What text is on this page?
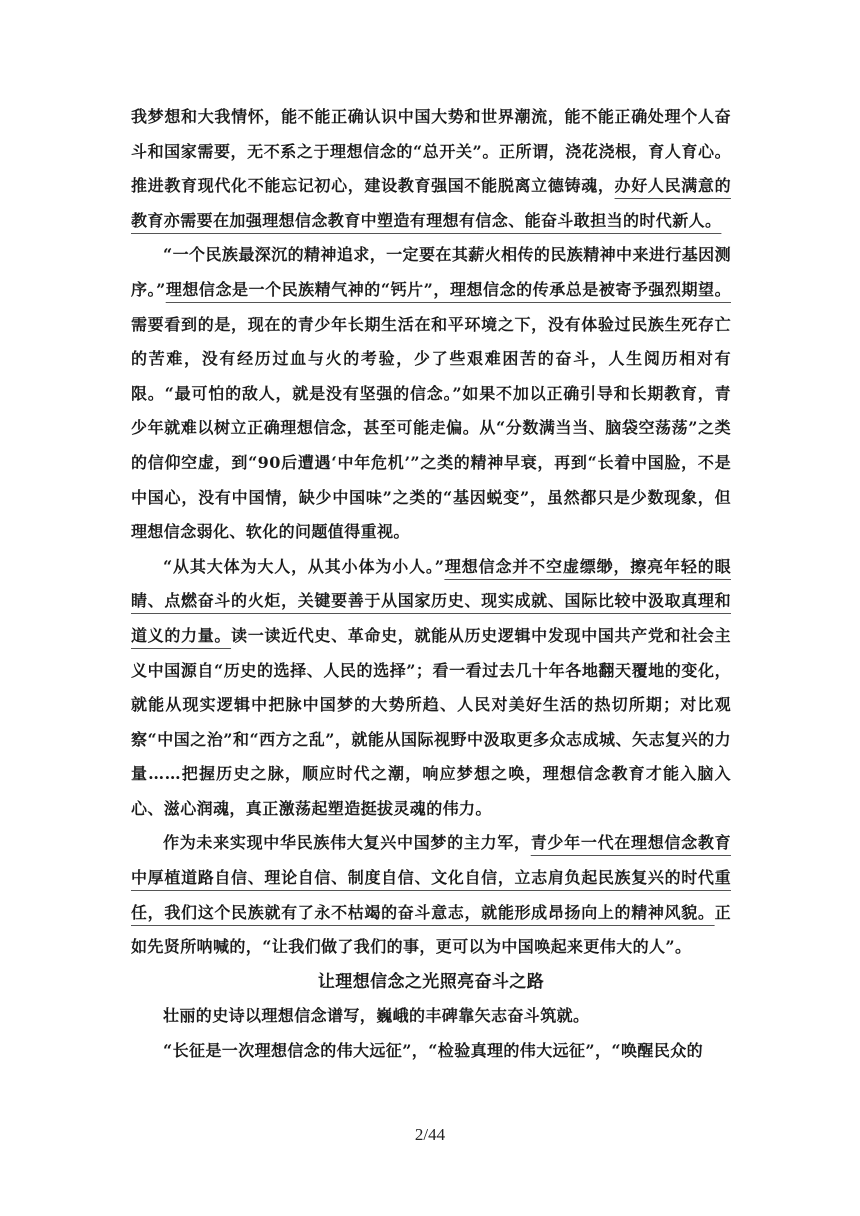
我梦想和大我情怀，能不能正确认识中国大势和世界潮流，能不能正确处理个人奋斗和国家需要，无不系之于理想信念的“总开关”。正所谓，浇花浇根，育人育心。推进教育现代化不能忘记初心，建设教育强国不能脱离立德铸魂，办好人民满意的教育亦需要在加强理想信念教育中塑造有理想有信念、能奋斗敢担当的时代新人。

“一个民族最深沉的精神追求，一定要在其薪火相传的民族精神中来进行基因测序。”理想信念是一个民族精气神的“钙片”，理想信念的传承总是被寄予强烈期望。需要看到的是，现在的青少年长期生活在和平环境之下，没有体验过民族生死存亡的苦难，没有经历过血与火的考验，少了些艰难困苦的奋斗，人生阅历相对有限。“最可怕的敌人，就是没有坚强的信念。”如果不加以正确引导和长期教育，青少年就难以树立正确理想信念，甚至可能走偏。从“分数满当当、脑袋空荡荡”之类的信仰空虚，到“90后遭遇‘中年危机’”之类的精神早衰，再到“长着中国脸，不是中国心，没有中国情，缺少中国味”之类的“基因蜕变”，虽然都只是少数现象，但理想信念弱化、软化的问题值得重视。

“从其大体为大人，从其小体为小人。”理想信念并不空虚缥缈，擦亮年轻的眼睛、点燃奋斗的火炬，关键要善于从国家历史、现实成就、国际比较中汲取真理和道义的力量。读一读近代史、革命史，就能从历史逻辑中发现中国共产党和社会主义中国源自“历史的选择、人民的选择”；看一看过去几十年各地翻天覆地的变化，就能从现实逻辑中把脉中国梦的大势所趋、人民对美好生活的热切所期；对比观察“中国之治”和“西方之乱”，就能从国际视野中汲取更多众志成城、矢志复兴的力量……把握历史之脉，顺应时代之潮，响应梦想之唤，理想信念教育才能入脑入心、滋心润魂，真正激荡起塑造挺拔灵魂的伟力。

作为未来实现中华民族伟大复兴中国梦的主力军，青少年一代在理想信念教育中厚植道路自信、理论自信、制度自信、文化自信，立志肩负起民族复兴的时代重任，我们这个民族就有了永不枯竭的奋斗意志，就能形成昂扬向上的精神风貌。正如先贤所呐喊的，“让我们做了我们的事，更可以为中国唤起来更伟大的人”。

让理想信念之光照亮奋斗之路

壮丽的史诗以理想信念谱写，巍峨的丰碑靠矢志奋斗筑就。

“长征是一次理想信念的伟大远征”，“检验真理的伟大远征”，“唤醒民众的

2/44
